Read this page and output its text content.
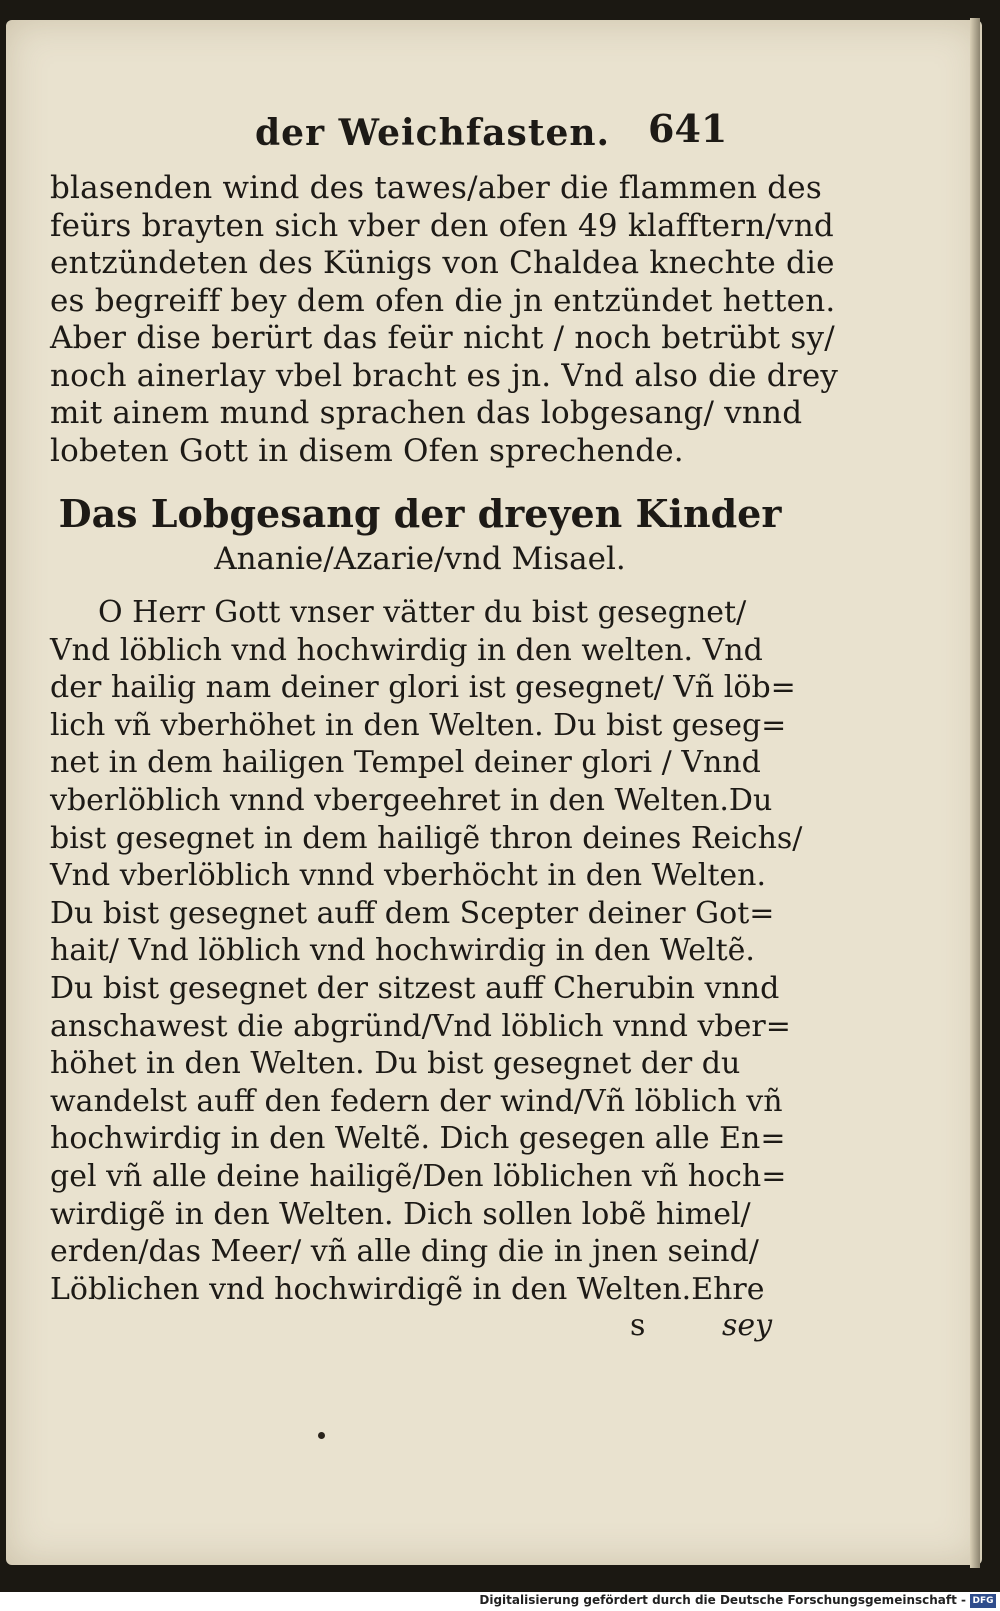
der Weichfasten. 641
blasenden wind des tawes/aber die flammen des
feürs brayten sich vber den ofen 49 klafftern/vnd
entzündeten des Künigs von Chaldea knechte die
es begreiff bey dem ofen die jn entzündet hetten.
Aber dise berürt das feür nicht / noch betrübt sy/
noch ainerlay vbel bracht es jn. Vnd also die drey
mit ainem mund sprachen das lobgesang/ vnnd
lobeten Gott in disem Ofen sprechende.
Das Lobgesang der dreyen Kinder
Ananie/Azarie/vnd Misael.
O Herr Gott vnser vätter du bist gesegnet/
Vnd löblich vnd hochwirdig in den welten. Vnd
der hailig nam deiner glori ist gesegnet/ Vñ löb=
lich vñ vberhöhet in den Welten. Du bist geseg=
net in dem hailigen Tempel deiner glori / Vnnd
vberlöblich vnnd vbergeehret in den Welten.Du
bist gesegnet in dem hailigẽ thron deines Reichs/
Vnd vberlöblich vnnd vberhöcht in den Welten.
Du bist gesegnet auff dem Scepter deiner Got=
hait/ Vnd löblich vnd hochwirdig in den Weltẽ.
Du bist gesegnet der sitzest auff Cherubin vnnd
anschawest die abgründ/Vnd löblich vnnd vber=
höhet in den Welten. Du bist gesegnet der du
wandelst auff den federn der wind/Vñ löblich vñ
hochwirdig in den Weltẽ. Dich gesegen alle En=
gel vñ alle deine hailigẽ/Den löblichen vñ hoch=
wirdigẽ in den Welten. Dich sollen lobẽ himel/
erden/das Meer/ vñ alle ding die in jnen seind/
Löblichen vnd hochwirdigẽ in den Welten.Ehre
s	sey
Digitalisierung gefördert durch die Deutsche Forschungsgemeinschaft - DFG
